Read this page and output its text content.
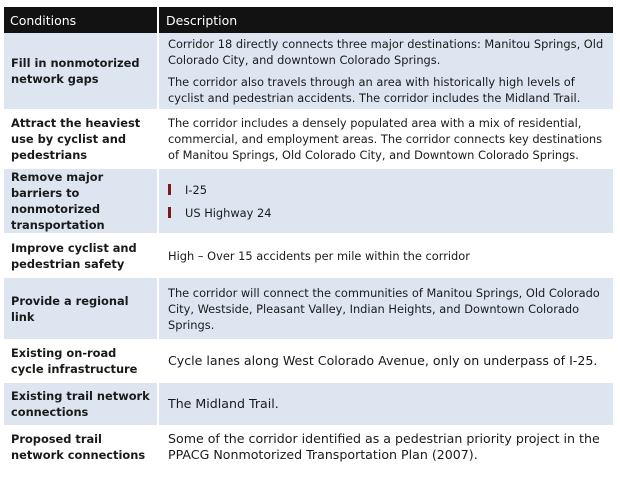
Conditions	Description
Fill in nonmotorized network gaps

Corridor 18 directly connects three major destinations: Manitou Springs, Old Colorado City, and downtown Colorado Springs.

The corridor also travels through an area with historically high levels of cyclist and pedestrian accidents. The corridor includes the Midland Trail.

Attract the heaviest use by cyclist and pedestrians

The corridor includes a densely populated area with a mix of residential, commercial, and employment areas. The corridor connects key destinations of Manitou Springs, Old Colorado City, and Downtown Colorado Springs.

Remove major barriers to nonmotorized transportation
I-25
US Highway 24
Improve cyclist and pedestrian safety

High – Over 15 accidents per mile within the corridor

Provide a regional link

The corridor will connect the communities of Manitou Springs, Old Colorado City, Westside, Pleasant Valley, Indian Heights, and Downtown Colorado Springs.

Existing on-road cycle infrastructure

Cycle lanes along West Colorado Avenue, only on underpass of I-25.

Existing trail network connections

The Midland Trail.

Proposed trail network connections

Some of the corridor identified as a pedestrian priority project in the PPACG Nonmotorized Transportation Plan (2007).
